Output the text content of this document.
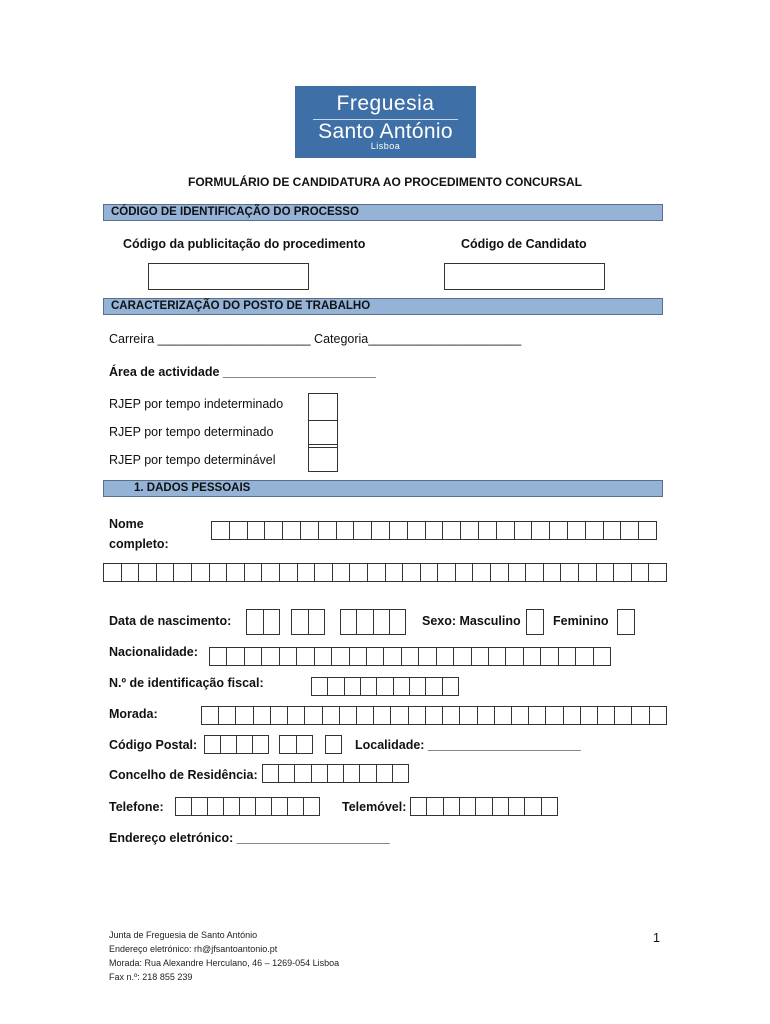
Freguesia
Santo António
Lisboa
FORMULÁRIO DE CANDIDATURA AO PROCEDIMENTO CONCURSAL
CÓDIGO DE IDENTIFICAÇÃO DO PROCESSO
Código da publicitação do procedimento	Código de Candidato
CARACTERIZAÇÃO DO POSTO DE TRABALHO
Carreira ______________________ Categoria______________________
Área de actividade ______________________
RJEP por tempo indeterminado
RJEP por tempo determinado
RJEP por tempo determinável
1. DADOS PESSOAIS
Nome
completo:
Data de nascimento:	Sexo: Masculino	Feminino
Nacionalidade:
N.º de identificação fiscal:
Morada:
Código Postal:	Localidade: ______________________
Concelho de Residência:
Telefone:	Telemóvel:
Endereço eletrónico: ______________________
Junta de Freguesia de Santo António
Endereço eletrónico: rh@jfsantoantonio.pt
Morada: Rua Alexandre Herculano, 46 – 1269-054 Lisboa
Fax n.º: 218 855 239
1
